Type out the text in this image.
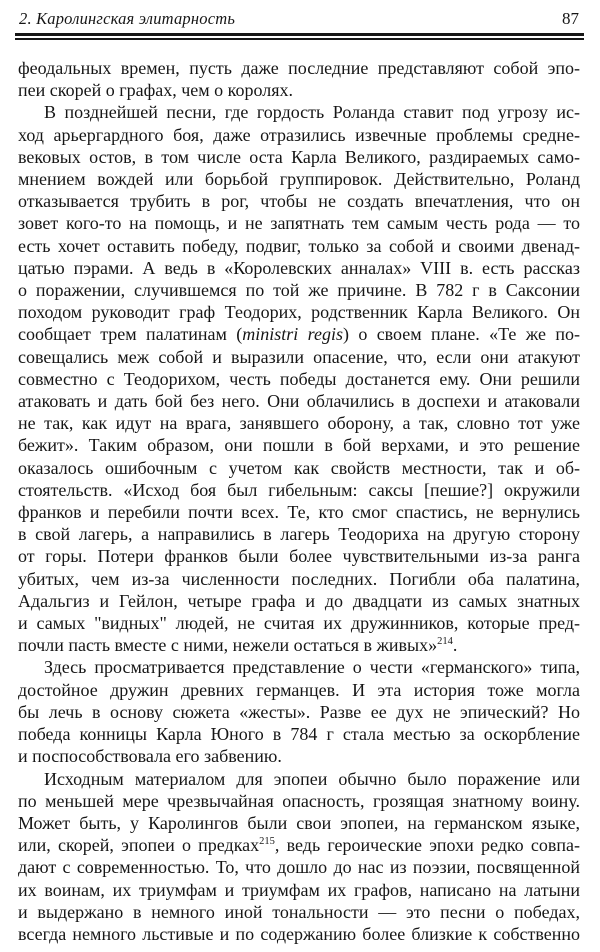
2. Каролингская элитарность	87
феодальных времен, пусть даже последние представляют собой эпо-
пеи скорей о графах, чем о королях.
В позднейшей песни, где гордость Роланда ставит под угрозу ис-
ход арьергардного боя, даже отразились извечные проблемы средне-
вековых остов, в том числе оста Карла Великого, раздираемых само-
мнением вождей или борьбой группировок. Действительно, Роланд
отказывается трубить в рог, чтобы не создать впечатления, что он
зовет кого-то на помощь, и не запятнать тем самым честь рода — то
есть хочет оставить победу, подвиг, только за собой и своими двенад-
цатью пэрами. А ведь в «Королевских анналах» VIII в. есть рассказ
о поражении, случившемся по той же причине. В 782 г в Саксонии
походом руководит граф Теодорих, родственник Карла Великого. Он
сообщает трем палатинам (ministri regis) о своем плане. «Те же по-
совещались меж собой и выразили опасение, что, если они атакуют
совместно с Теодорихом, честь победы достанется ему. Они решили
атаковать и дать бой без него. Они облачились в доспехи и атаковали
не так, как идут на врага, занявшего оборону, а так, словно тот уже
бежит». Таким образом, они пошли в бой верхами, и это решение
оказалось ошибочным с учетом как свойств местности, так и об-
стоятельств. «Исход боя был гибельным: саксы [пешие?] окружили
франков и перебили почти всех. Те, кто смог спастись, не вернулись
в свой лагерь, а направились в лагерь Теодориха на другую сторону
от горы. Потери франков были более чувствительными из-за ранга
убитых, чем из-за численности последних. Погибли оба палатина,
Адальгиз и Гейлон, четыре графа и до двадцати из самых знатных
и самых "видных" людей, не считая их дружинников, которые пред-
почли пасть вместе с ними, нежели остаться в живых»$^{214}$.
Здесь просматривается представление о чести «германского» типа,
достойное дружин древних германцев. И эта история тоже могла
бы лечь в основу сюжета «жесты». Разве ее дух не эпический? Но
победа конницы Карла Юного в 784 г стала местью за оскорбление
и поспособствовала его забвению.
Исходным материалом для эпопеи обычно было поражение или
по меньшей мере чрезвычайная опасность, грозящая знатному воину.
Может быть, у Каролингов были свои эпопеи, на германском языке,
или, скорей, эпопеи о предках$^{215}$, ведь героические эпохи редко совпа-
дают с современностью. То, что дошло до нас из поэзии, посвященной
их воинам, их триумфам и триумфам их графов, написано на латыни
и выдержано в немного иной тональности — это песни о победах,
всегда немного льстивые и по содержанию более близкие к собственно
